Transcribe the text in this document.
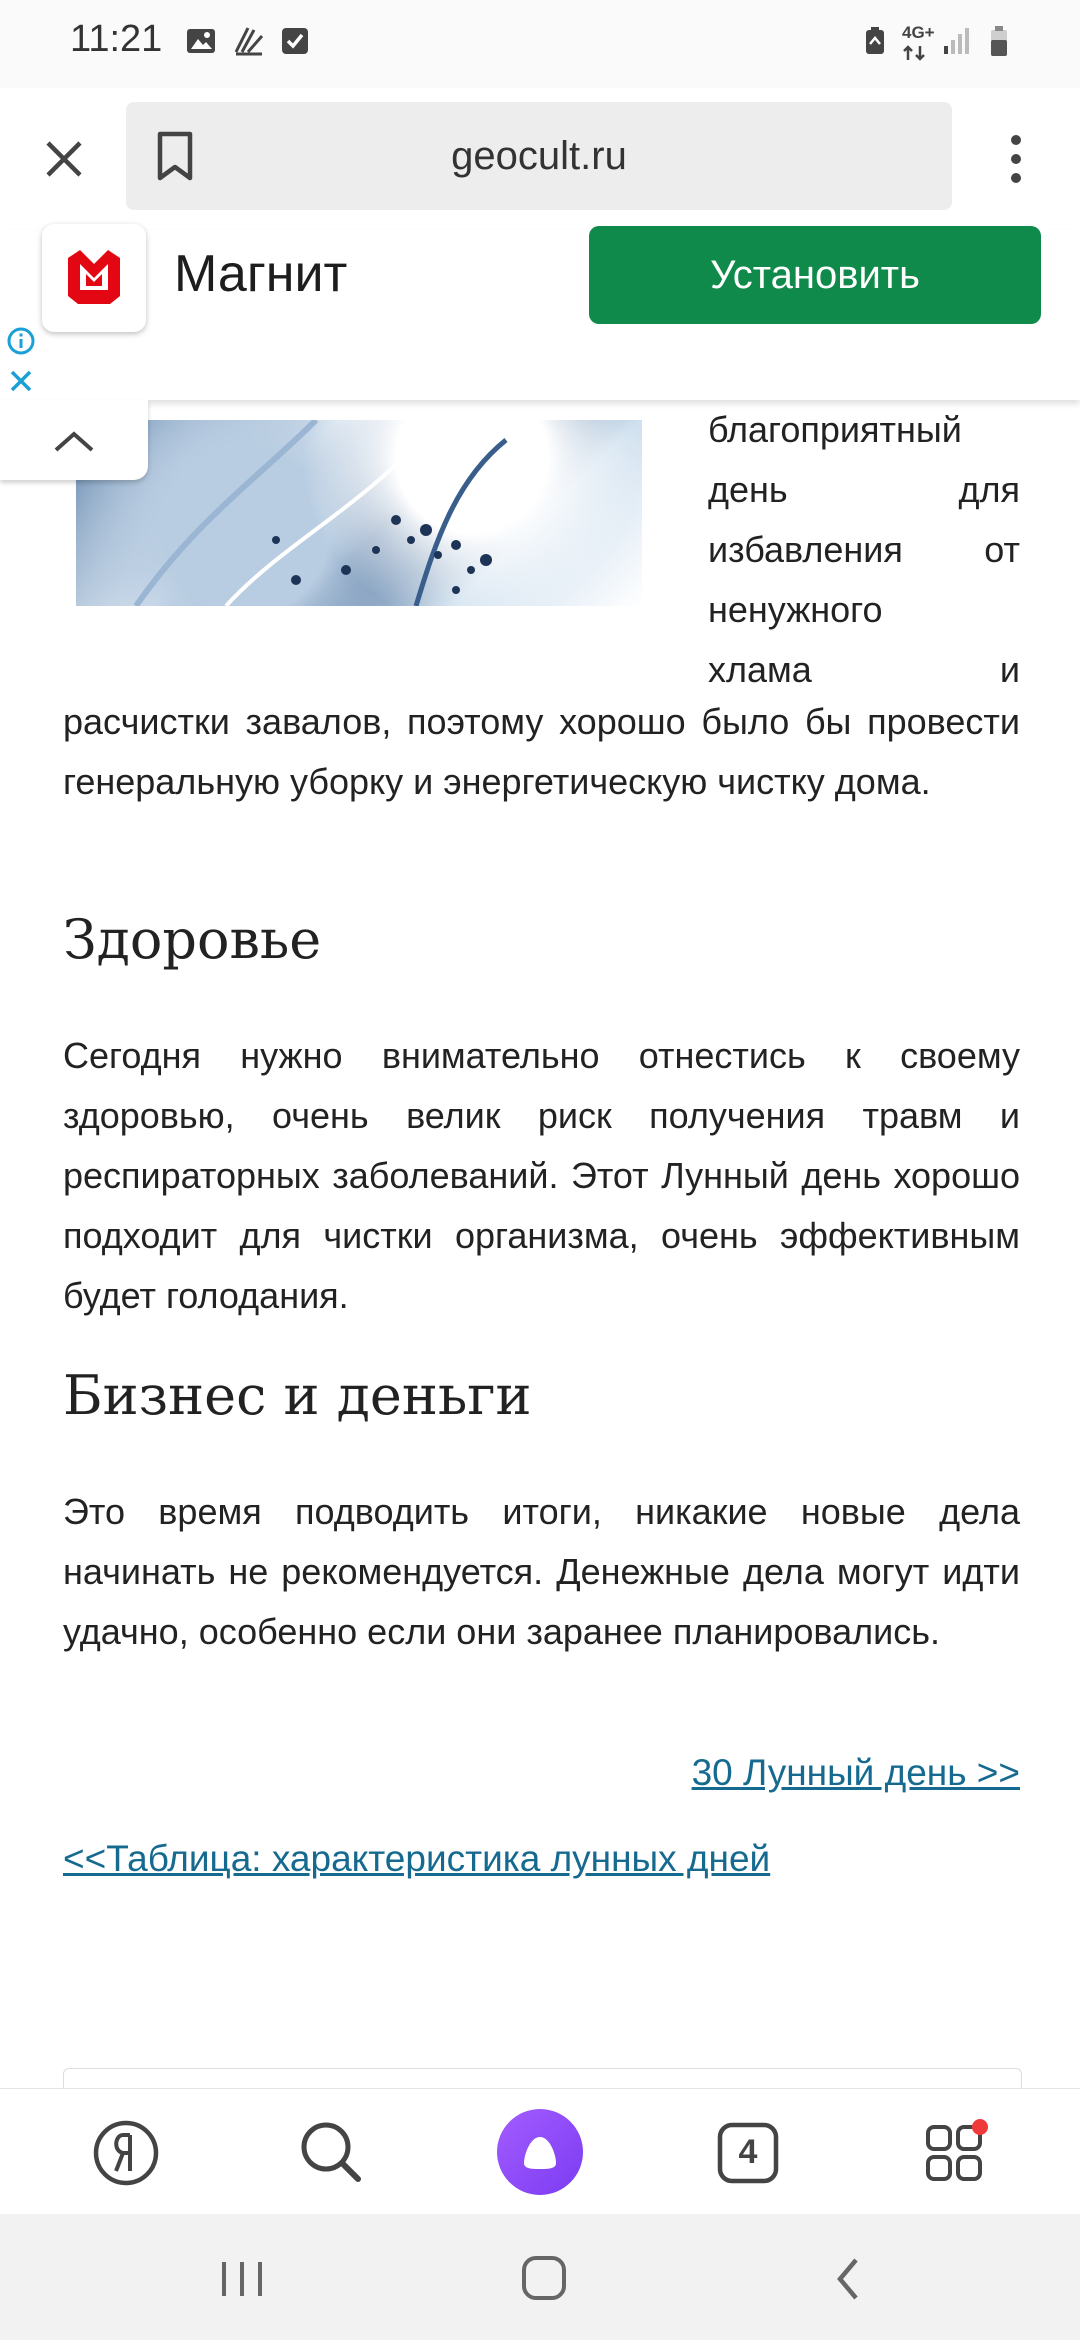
11:21	4G+
geocult.ru
Магнит	Установить
благоприятный
день для
избавления от
ненужного
хлама и
расчистки завалов, поэтому хорошо было бы провести генеральную уборку и энергетическую чистку дома.
Здоровье
Сегодня нужно внимательно отнестись к своему здоровью, очень велик риск получения травм и респираторных заболеваний. Этот Лунный день хорошо подходит для чистки организма, очень эффективным будет голодания.
Бизнес и деньги
Это время подводить итоги, никакие новые дела начинать не рекомендуется. Денежные дела могут идти удачно, особенно если они заранее планировались.
30 Лунный день >>
<<Таблица: характеристика лунных дней
4
